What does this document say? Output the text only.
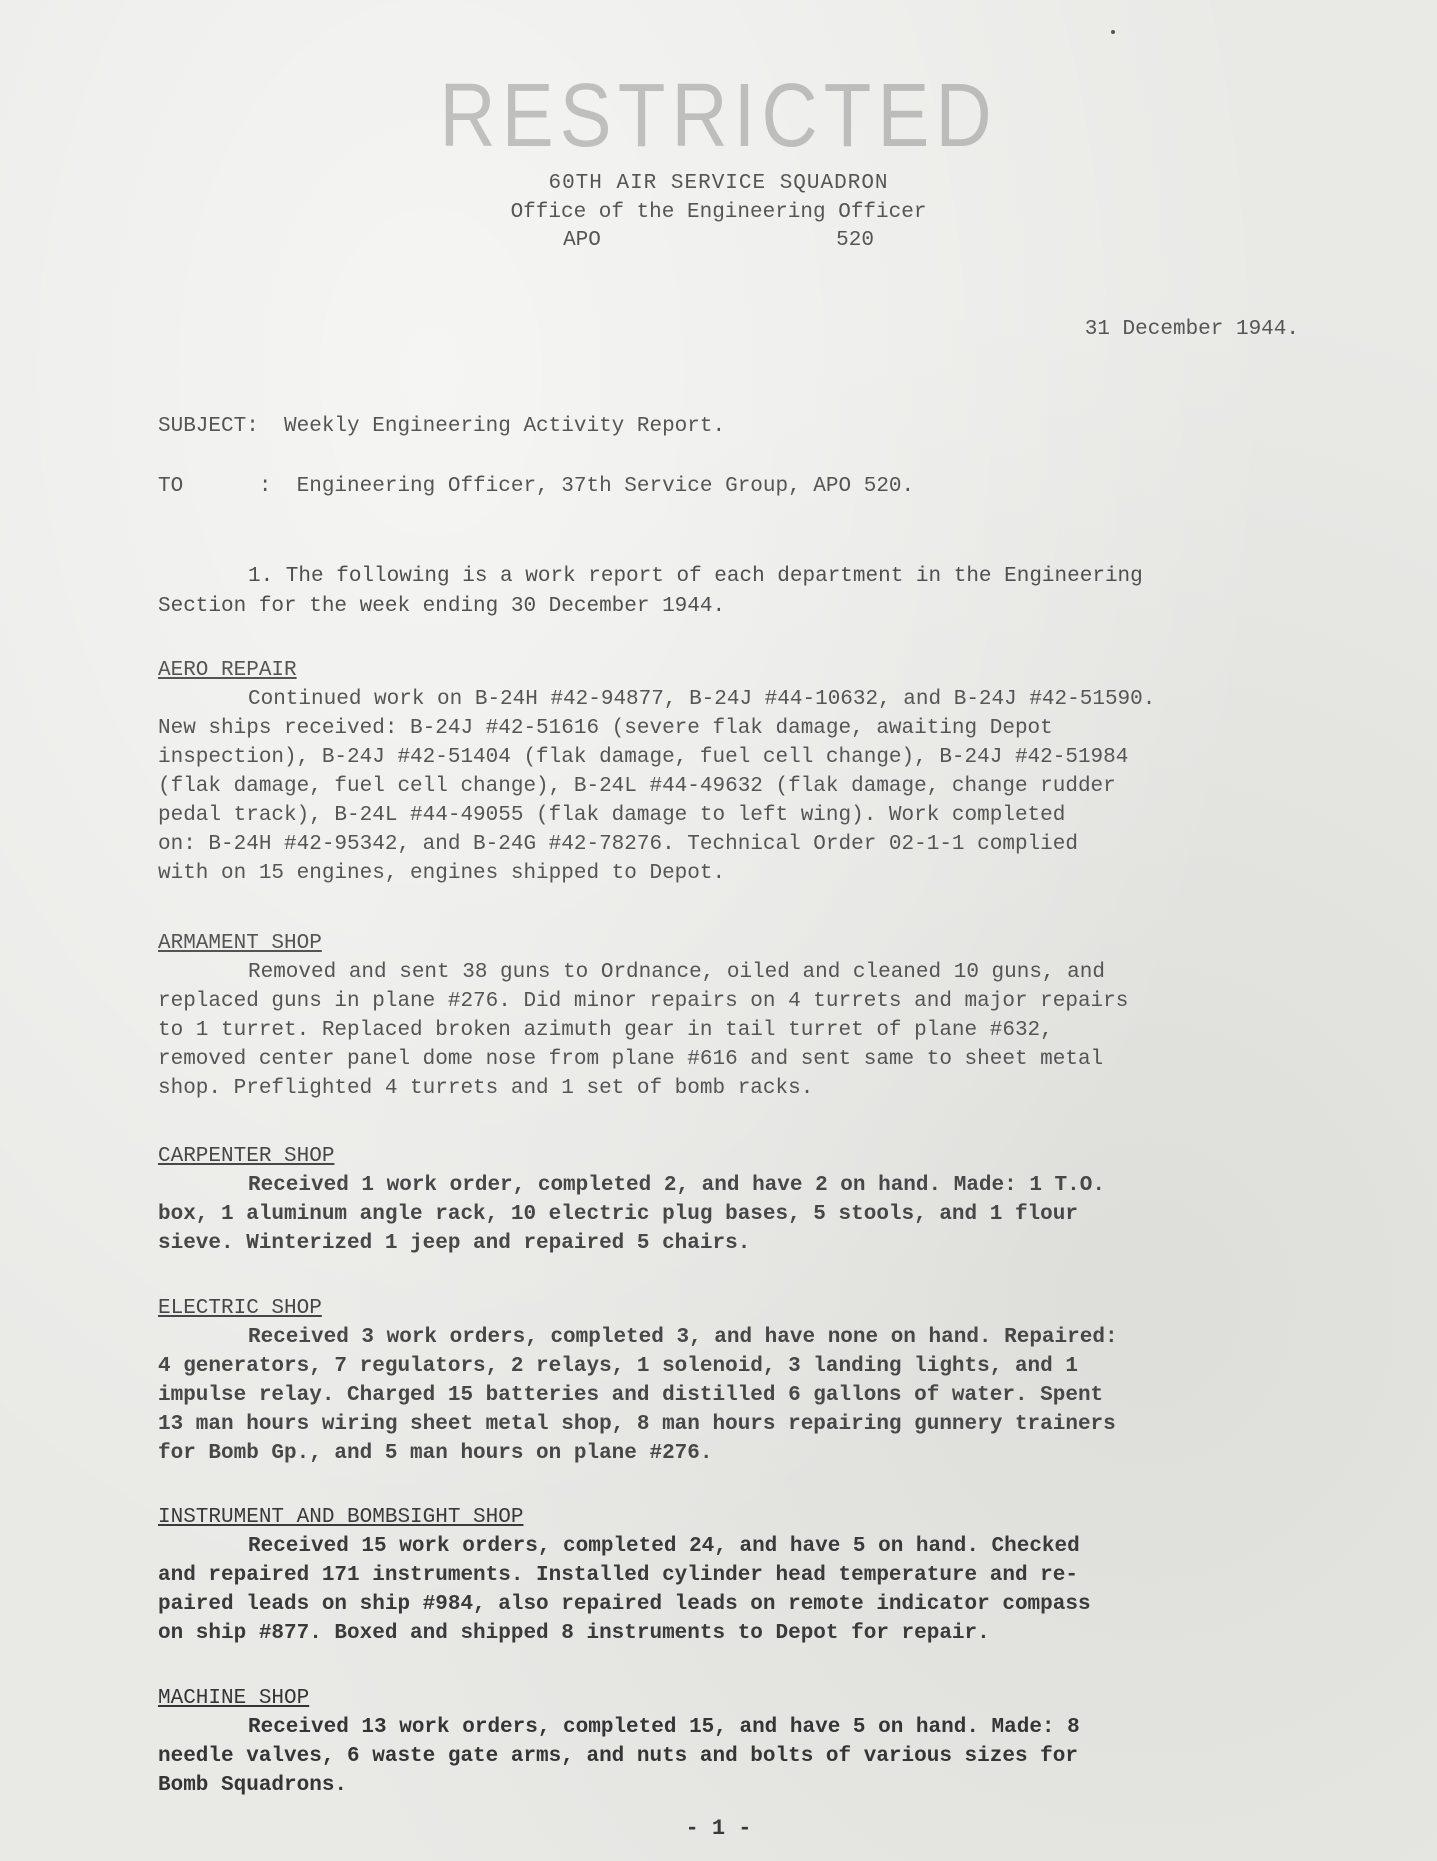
RESTRICTED
60TH AIR SERVICE SQUADRON
Office of the Engineering Officer
APO	520
31 December 1944.
SUBJECT:  Weekly Engineering Activity Report.
TO      :  Engineering Officer, 37th Service Group, APO 520.
1. The following is a work report of each department in the Engineering
Section for the week ending 30 December 1944.
AERO REPAIR
Continued work on B-24H #42-94877, B-24J #44-10632, and B-24J #42-51590.
New ships received: B-24J #42-51616 (severe flak damage, awaiting Depot
inspection), B-24J #42-51404 (flak damage, fuel cell change), B-24J #42-51984
(flak damage, fuel cell change), B-24L #44-49632 (flak damage, change rudder
pedal track), B-24L #44-49055 (flak damage to left wing). Work completed
on: B-24H #42-95342, and B-24G #42-78276. Technical Order 02-1-1 complied
with on 15 engines, engines shipped to Depot.
ARMAMENT SHOP
Removed and sent 38 guns to Ordnance, oiled and cleaned 10 guns, and
replaced guns in plane #276. Did minor repairs on 4 turrets and major repairs
to 1 turret. Replaced broken azimuth gear in tail turret of plane #632,
removed center panel dome nose from plane #616 and sent same to sheet metal
shop. Preflighted 4 turrets and 1 set of bomb racks.
CARPENTER SHOP
Received 1 work order, completed 2, and have 2 on hand. Made: 1 T.O.
box, 1 aluminum angle rack, 10 electric plug bases, 5 stools, and 1 flour
sieve. Winterized 1 jeep and repaired 5 chairs.
ELECTRIC SHOP
Received 3 work orders, completed 3, and have none on hand. Repaired:
4 generators, 7 regulators, 2 relays, 1 solenoid, 3 landing lights, and 1
impulse relay. Charged 15 batteries and distilled 6 gallons of water. Spent
13 man hours wiring sheet metal shop, 8 man hours repairing gunnery trainers
for Bomb Gp., and 5 man hours on plane #276.
INSTRUMENT AND BOMBSIGHT SHOP
Received 15 work orders, completed 24, and have 5 on hand. Checked
and repaired 171 instruments. Installed cylinder head temperature and re-
paired leads on ship #984, also repaired leads on remote indicator compass
on ship #877. Boxed and shipped 8 instruments to Depot for repair.
MACHINE SHOP
Received 13 work orders, completed 15, and have 5 on hand. Made: 8
needle valves, 6 waste gate arms, and nuts and bolts of various sizes for
Bomb Squadrons.
- 1 -
